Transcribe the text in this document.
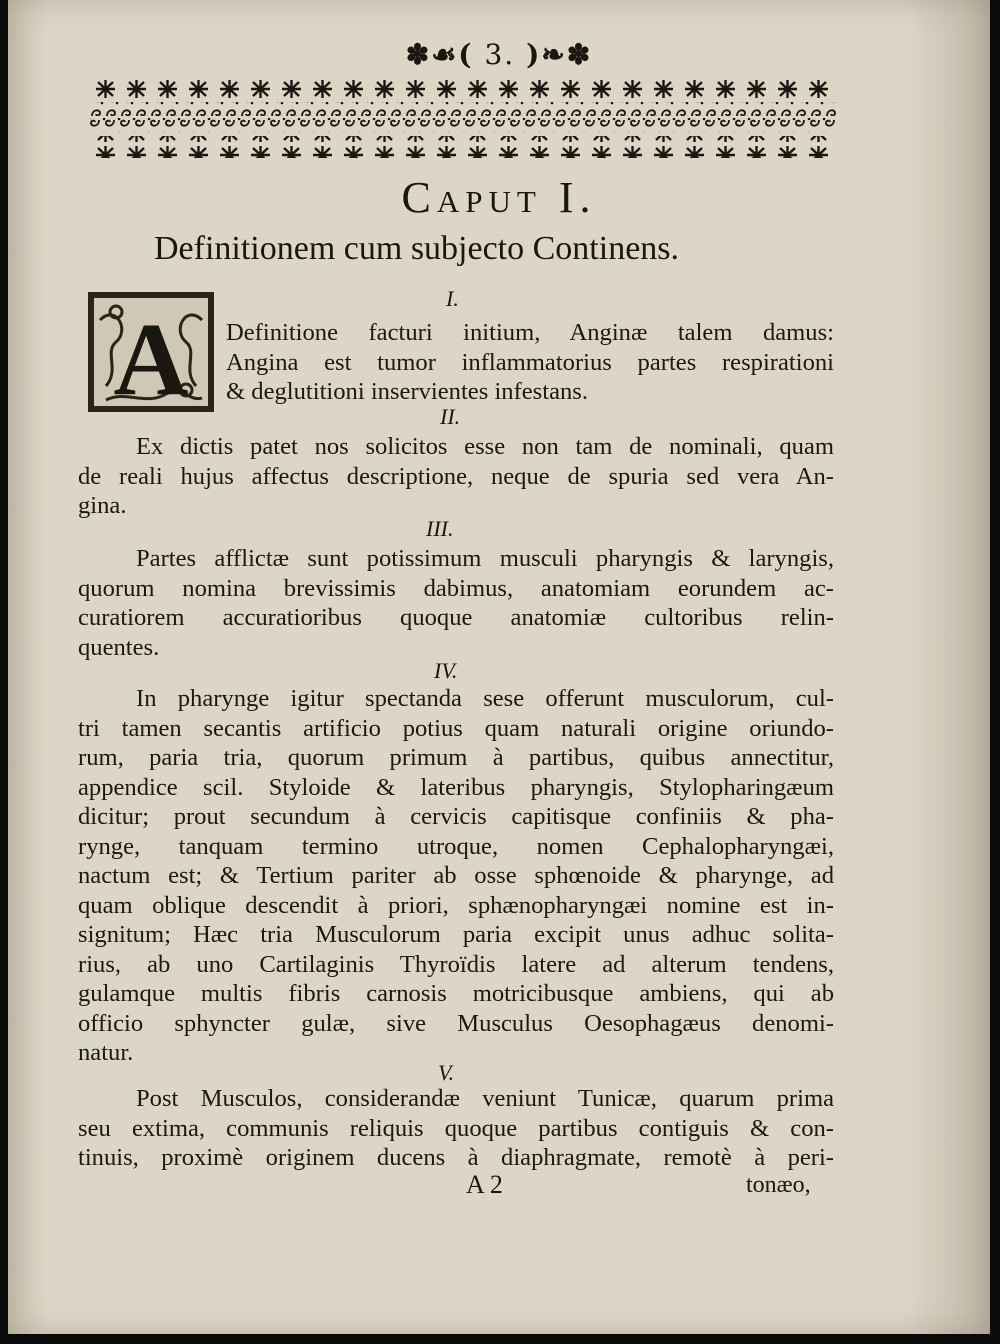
✽☙( 3. )❧✽
Caput I.
Definitionem cum subjecto Continens.
A
I.
Definitione facturi initium, Anginæ talem damus:
Angina est tumor inflammatorius partes respirationi
& deglutitioni inservientes infestans.
II.
Ex dictis patet nos solicitos esse non tam de nominali, quam
de reali hujus affectus descriptione, neque de spuria sed vera An-
gina.
III.
Partes afflictæ sunt potissimum musculi pharyngis & laryngis,
quorum nomina brevissimis dabimus, anatomiam eorundem ac-
curatiorem accuratioribus quoque anatomiæ cultoribus relin-
quentes.
IV.
In pharynge igitur spectanda sese offerunt musculorum, cul-
tri tamen secantis artificio potius quam naturali origine oriundo-
rum, paria tria, quorum primum à partibus, quibus annectitur,
appendice scil. Styloide & lateribus pharyngis, Stylopharingæum
dicitur; prout secundum à cervicis capitisque confiniis & pha-
rynge, tanquam termino utroque, nomen Cephalopharyngæi,
nactum est; & Tertium pariter ab osse sphœnoide & pharynge, ad
quam oblique descendit à priori, sphænopharyngæi nomine est in-
signitum; Hæc tria Musculorum paria excipit unus adhuc solita-
rius, ab uno Cartilaginis Thyroïdis latere ad alterum tendens,
gulamque multis fibris carnosis motricibusque ambiens, qui ab
officio sphyncter gulæ, sive Musculus Oesophagæus denomi-
natur.
V.
Post Musculos, considerandæ veniunt Tunicæ, quarum prima
seu extima, communis reliquis quoque partibus contiguis & con-
tinuis, proximè originem ducens à diaphragmate, remotè à peri-
A 2	tonæo,
